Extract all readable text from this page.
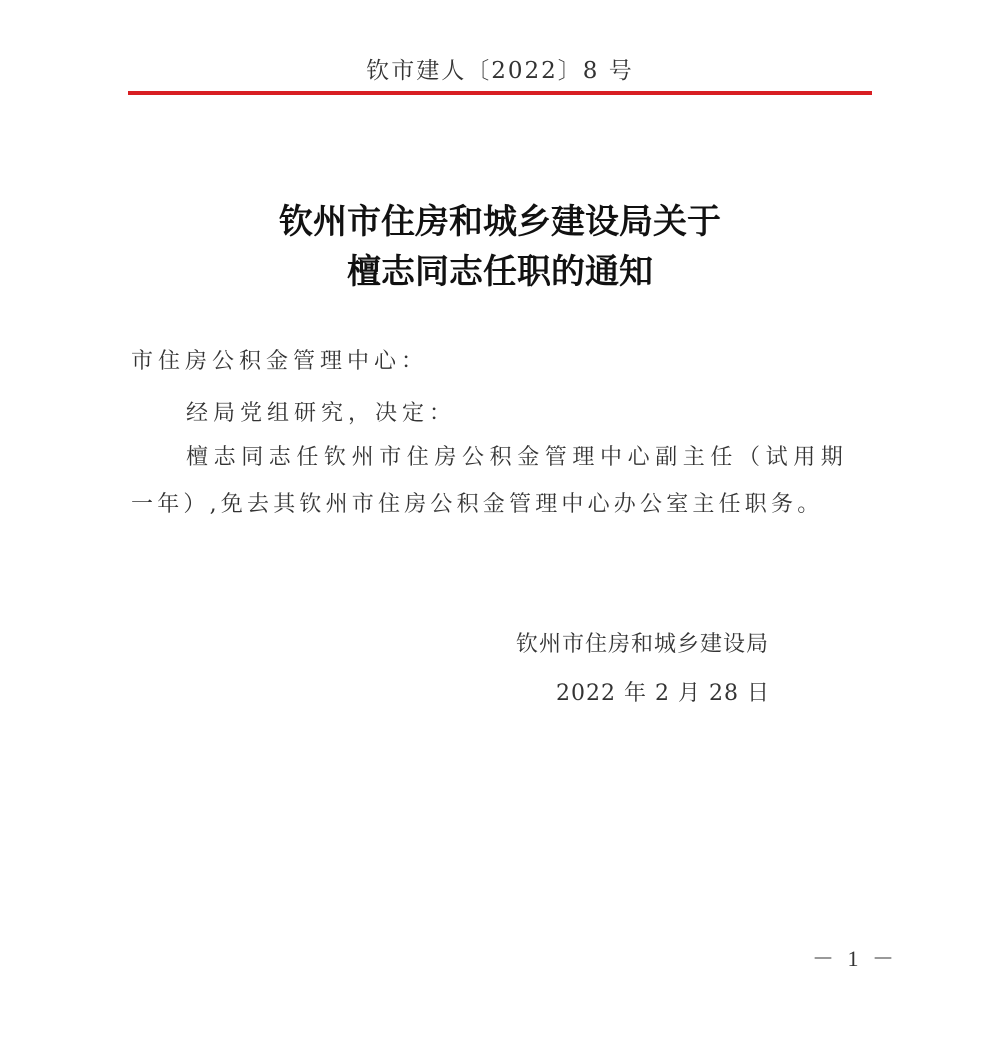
钦市建人〔2022〕8 号
钦州市住房和城乡建设局关于
檀志同志任职的通知
市住房公积金管理中心：
经局党组研究，决定：
檀志同志任钦州市住房公积金管理中心副主任（试用期
一年）,免去其钦州市住房公积金管理中心办公室主任职务。
钦州市住房和城乡建设局
2022 年 2 月 28 日
－ 1 －
